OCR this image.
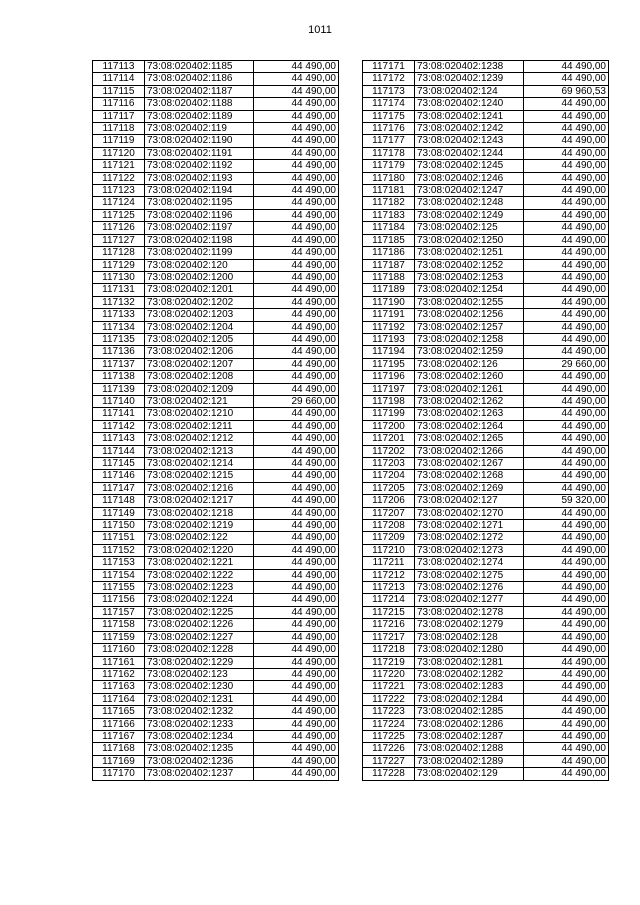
1011
117113	73:08:020402:1185	44 490,00
117114	73:08:020402:1186	44 490,00
117115	73:08:020402:1187	44 490,00
117116	73:08:020402:1188	44 490,00
117117	73:08:020402:1189	44 490,00
117118	73:08:020402:119	44 490,00
117119	73:08:020402:1190	44 490,00
117120	73:08:020402:1191	44 490,00
117121	73:08:020402:1192	44 490,00
117122	73:08:020402:1193	44 490,00
117123	73:08:020402:1194	44 490,00
117124	73:08:020402:1195	44 490,00
117125	73:08:020402:1196	44 490,00
117126	73:08:020402:1197	44 490,00
117127	73:08:020402:1198	44 490,00
117128	73:08:020402:1199	44 490,00
117129	73:08:020402:120	44 490,00
117130	73:08:020402:1200	44 490,00
117131	73:08:020402:1201	44 490,00
117132	73:08:020402:1202	44 490,00
117133	73:08:020402:1203	44 490,00
117134	73:08:020402:1204	44 490,00
117135	73:08:020402:1205	44 490,00
117136	73:08:020402:1206	44 490,00
117137	73:08:020402:1207	44 490,00
117138	73:08:020402:1208	44 490,00
117139	73:08:020402:1209	44 490,00
117140	73:08:020402:121	29 660,00
117141	73:08:020402:1210	44 490,00
117142	73:08:020402:1211	44 490,00
117143	73:08:020402:1212	44 490,00
117144	73:08:020402:1213	44 490,00
117145	73:08:020402:1214	44 490,00
117146	73:08:020402:1215	44 490,00
117147	73:08:020402:1216	44 490,00
117148	73:08:020402:1217	44 490,00
117149	73:08:020402:1218	44 490,00
117150	73:08:020402:1219	44 490,00
117151	73:08:020402:122	44 490,00
117152	73:08:020402:1220	44 490,00
117153	73:08:020402:1221	44 490,00
117154	73:08:020402:1222	44 490,00
117155	73:08:020402:1223	44 490,00
117156	73:08:020402:1224	44 490,00
117157	73:08:020402:1225	44 490,00
117158	73:08:020402:1226	44 490,00
117159	73:08:020402:1227	44 490,00
117160	73:08:020402:1228	44 490,00
117161	73:08:020402:1229	44 490,00
117162	73:08:020402:123	44 490,00
117163	73:08:020402:1230	44 490,00
117164	73:08:020402:1231	44 490,00
117165	73:08:020402:1232	44 490,00
117166	73:08:020402:1233	44 490,00
117167	73:08:020402:1234	44 490,00
117168	73:08:020402:1235	44 490,00
117169	73:08:020402:1236	44 490,00
117170	73:08:020402:1237	44 490,00
117171	73:08:020402:1238	44 490,00
117172	73:08:020402:1239	44 490,00
117173	73:08:020402:124	69 960,53
117174	73:08:020402:1240	44 490,00
117175	73:08:020402:1241	44 490,00
117176	73:08:020402:1242	44 490,00
117177	73:08:020402:1243	44 490,00
117178	73:08:020402:1244	44 490,00
117179	73:08:020402:1245	44 490,00
117180	73:08:020402:1246	44 490,00
117181	73:08:020402:1247	44 490,00
117182	73:08:020402:1248	44 490,00
117183	73:08:020402:1249	44 490,00
117184	73:08:020402:125	44 490,00
117185	73:08:020402:1250	44 490,00
117186	73:08:020402:1251	44 490,00
117187	73:08:020402:1252	44 490,00
117188	73:08:020402:1253	44 490,00
117189	73:08:020402:1254	44 490,00
117190	73:08:020402:1255	44 490,00
117191	73:08:020402:1256	44 490,00
117192	73:08:020402:1257	44 490,00
117193	73:08:020402:1258	44 490,00
117194	73:08:020402:1259	44 490,00
117195	73:08:020402:126	29 660,00
117196	73:08:020402:1260	44 490,00
117197	73:08:020402:1261	44 490,00
117198	73:08:020402:1262	44 490,00
117199	73:08:020402:1263	44 490,00
117200	73:08:020402:1264	44 490,00
117201	73:08:020402:1265	44 490,00
117202	73:08:020402:1266	44 490,00
117203	73:08:020402:1267	44 490,00
117204	73:08:020402:1268	44 490,00
117205	73:08:020402:1269	44 490,00
117206	73:08:020402:127	59 320,00
117207	73:08:020402:1270	44 490,00
117208	73:08:020402:1271	44 490,00
117209	73:08:020402:1272	44 490,00
117210	73:08:020402:1273	44 490,00
117211	73:08:020402:1274	44 490,00
117212	73:08:020402:1275	44 490,00
117213	73:08:020402:1276	44 490,00
117214	73:08:020402:1277	44 490,00
117215	73:08:020402:1278	44 490,00
117216	73:08:020402:1279	44 490,00
117217	73:08:020402:128	44 490,00
117218	73:08:020402:1280	44 490,00
117219	73:08:020402:1281	44 490,00
117220	73:08:020402:1282	44 490,00
117221	73:08:020402:1283	44 490,00
117222	73:08:020402:1284	44 490,00
117223	73:08:020402:1285	44 490,00
117224	73:08:020402:1286	44 490,00
117225	73:08:020402:1287	44 490,00
117226	73:08:020402:1288	44 490,00
117227	73:08:020402:1289	44 490,00
117228	73:08:020402:129	44 490,00
